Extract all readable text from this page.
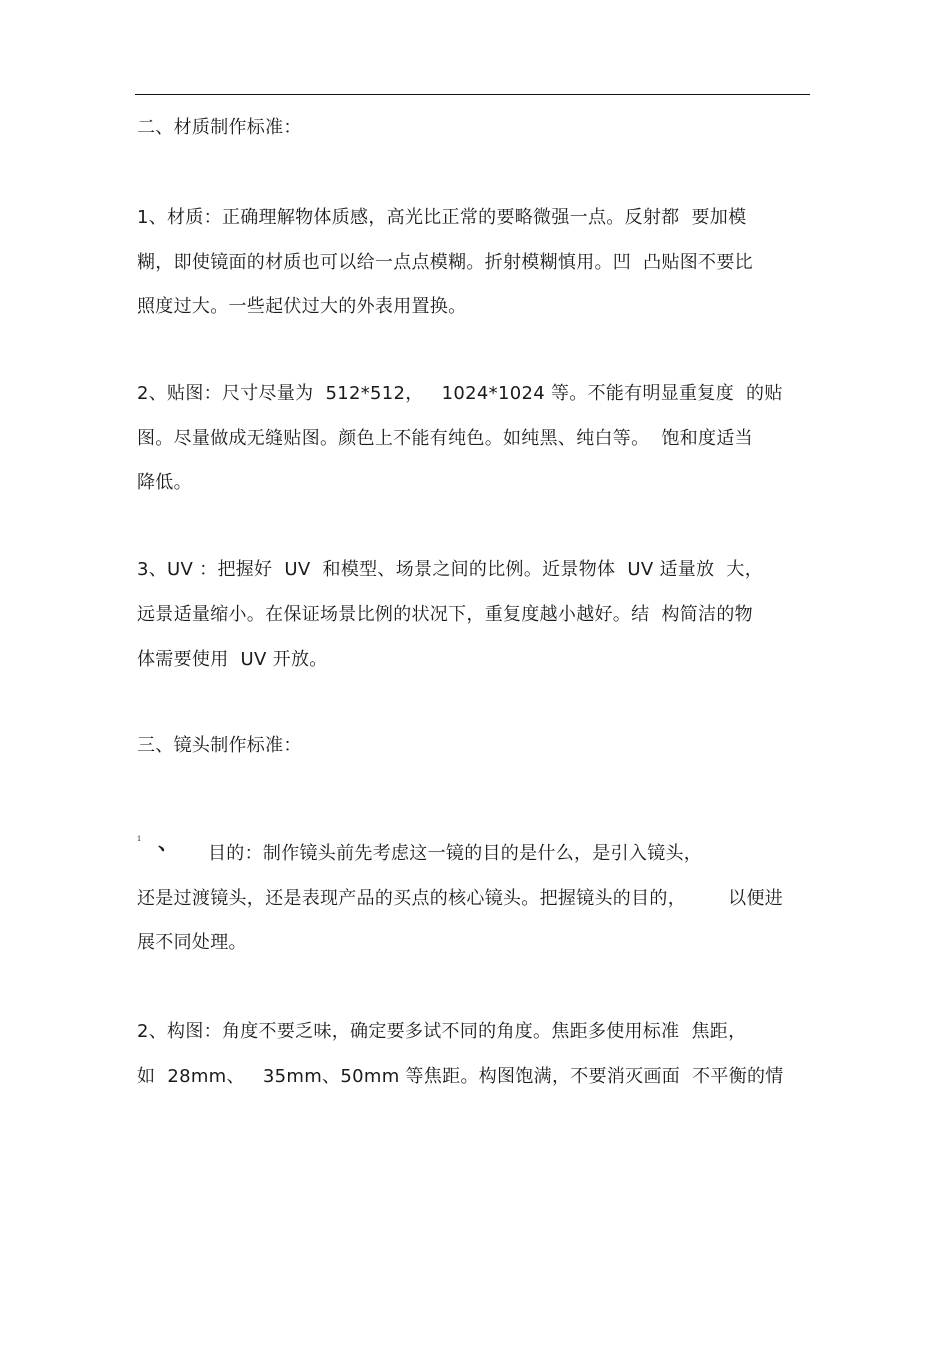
二、材质制作标准：
1、材质：正确理解物体质感，高光比正常的要略微强一点。反射都  要加模
糊，即使镜面的材质也可以给一点点模糊。折射模糊慎用。凹  凸贴图不要比
照度过大。一些起伏过大的外表用置换。
2、贴图：尺寸尽量为  512*512，   1024*1024 等。不能有明显重复度  的贴
图。尽量做成无缝贴图。颜色上不能有纯色。如纯黑、纯白等。  饱和度适当
降低。
3、UV ：把握好  UV  和模型、场景之间的比例。近景物体  UV 适量放  大，
远景适量缩小。在保证场景比例的状况下，重复度越小越好。结  构简洁的物
体需要使用  UV 开放。
三、镜头制作标准：
1 、 目的：制作镜头前先考虑这一镜的目的是什么，是引入镜头，
还是过渡镜头，还是表现产品的买点的核心镜头。把握镜头的目的，       以便进
展不同处理。
2、构图：角度不要乏味，确定要多试不同的角度。焦距多使用标准  焦距，
如  28mm、   35mm、50mm 等焦距。构图饱满，不要消灭画面  不平衡的情
